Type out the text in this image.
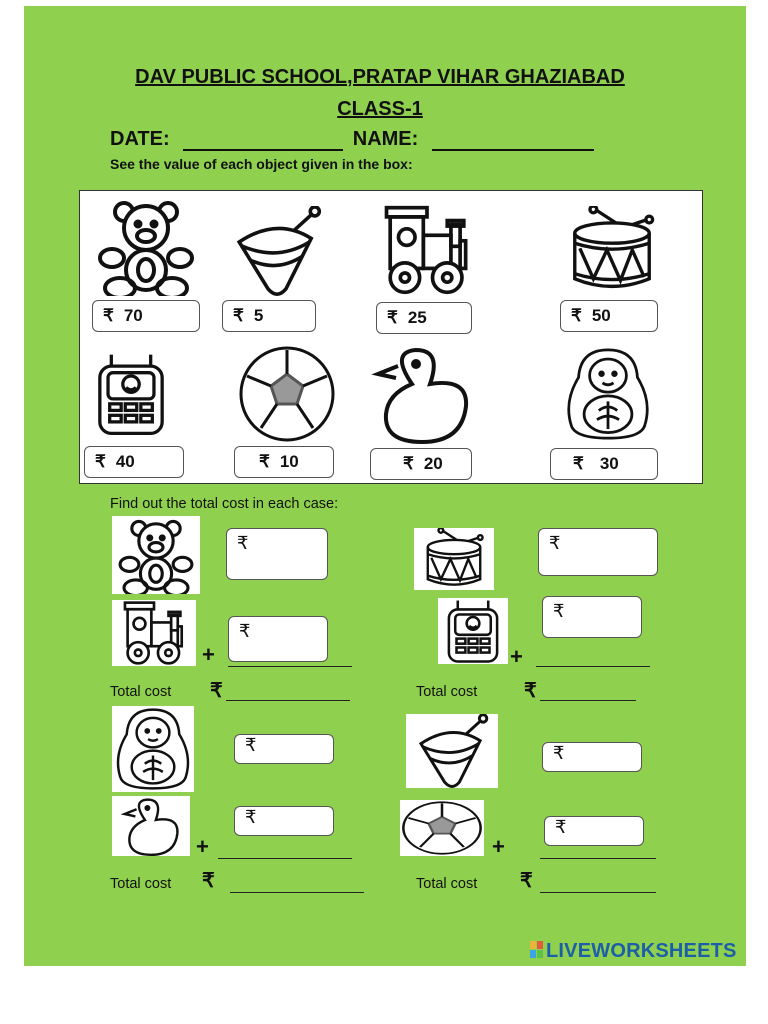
DAV PUBLIC SCHOOL,PRATAP VIHAR GHAZIABAD
CLASS-1
DATE:	NAME:
See the value of each object given in the box:
₹ 70	₹ 5	₹ 25	₹ 50
₹ 40	₹ 10	₹ 20	₹ 30
Find out the total cost in each case:
₹
₹
+
Total cost ₹
₹
₹
+
Total cost ₹
₹
₹
+
Total cost ₹
₹
₹
+
Total cost ₹
LIVEWORKSHEETS
